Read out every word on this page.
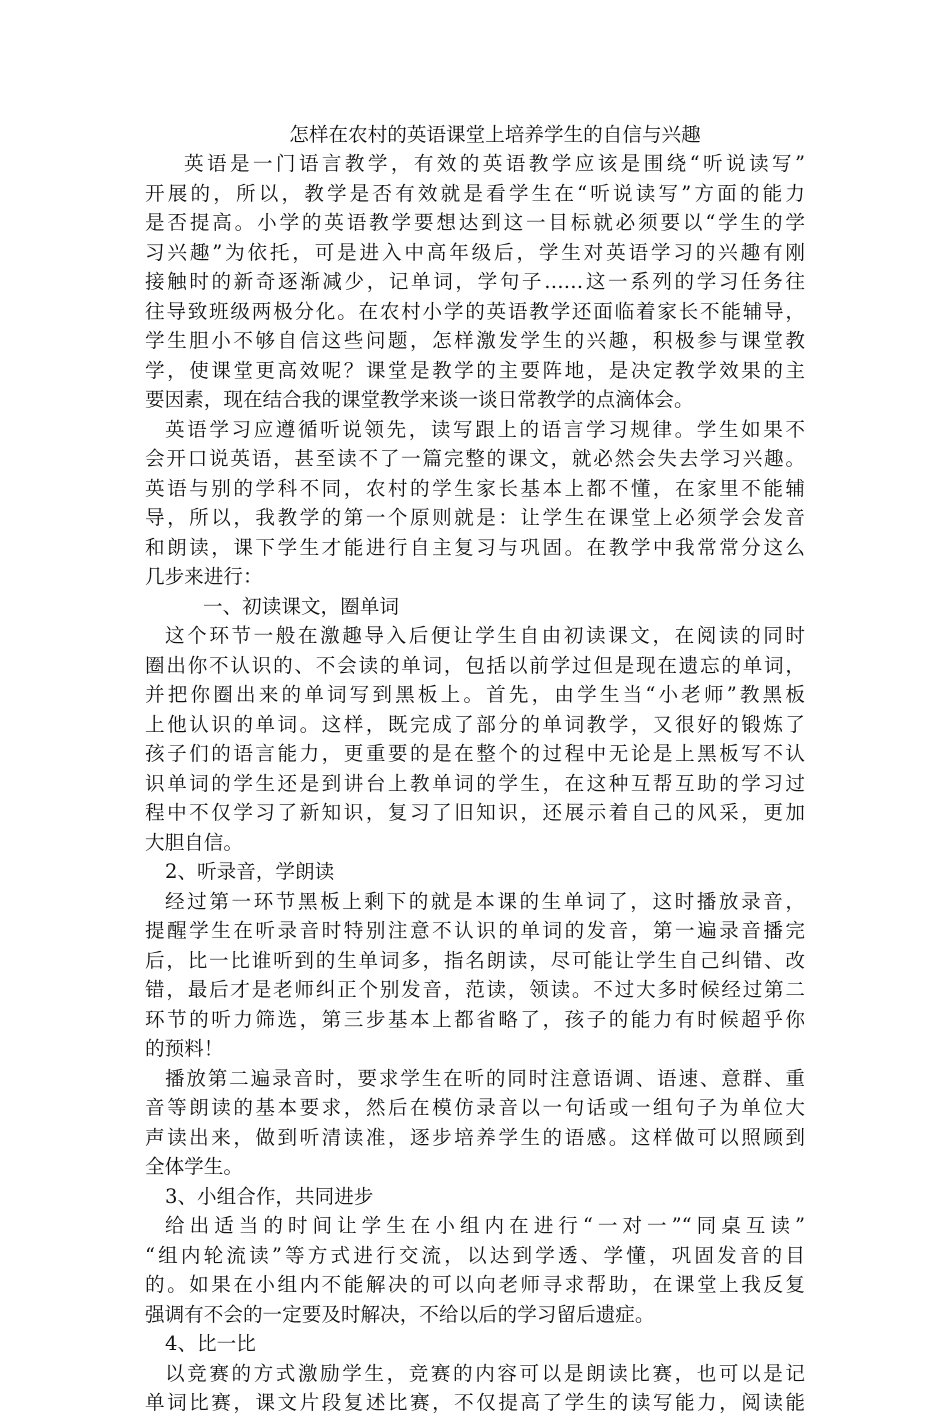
怎样在农村的英语课堂上培养学生的自信与兴趣
英语是一门语言教学，有效的英语教学应该是围绕“听说读写”
开展的，所以，教学是否有效就是看学生在“听说读写”方面的能力
是否提高。小学的英语教学要想达到这一目标就必须要以“学生的学
习兴趣”为依托，可是进入中高年级后，学生对英语学习的兴趣有刚
接触时的新奇逐渐减少，记单词，学句子……这一系列的学习任务往
往导致班级两极分化。在农村小学的英语教学还面临着家长不能辅导，
学生胆小不够自信这些问题，怎样激发学生的兴趣，积极参与课堂教
学，使课堂更高效呢？课堂是教学的主要阵地，是决定教学效果的主
要因素，现在结合我的课堂教学来谈一谈日常教学的点滴体会。
英语学习应遵循听说领先，读写跟上的语言学习规律。学生如果不
会开口说英语，甚至读不了一篇完整的课文，就必然会失去学习兴趣。
英语与别的学科不同，农村的学生家长基本上都不懂，在家里不能辅
导，所以，我教学的第一个原则就是：让学生在课堂上必须学会发音
和朗读，课下学生才能进行自主复习与巩固。在教学中我常常分这么
几步来进行：
一、初读课文，圈单词
这个环节一般在激趣导入后便让学生自由初读课文，在阅读的同时
圈出你不认识的、不会读的单词，包括以前学过但是现在遗忘的单词，
并把你圈出来的单词写到黑板上。首先，由学生当“小老师”教黑板
上他认识的单词。这样，既完成了部分的单词教学，又很好的锻炼了
孩子们的语言能力，更重要的是在整个的过程中无论是上黑板写不认
识单词的学生还是到讲台上教单词的学生，在这种互帮互助的学习过
程中不仅学习了新知识，复习了旧知识，还展示着自己的风采，更加
大胆自信。
2、听录音，学朗读
经过第一环节黑板上剩下的就是本课的生单词了，这时播放录音，
提醒学生在听录音时特别注意不认识的单词的发音，第一遍录音播完
后，比一比谁听到的生单词多，指名朗读，尽可能让学生自己纠错、改
错，最后才是老师纠正个别发音，范读，领读。不过大多时候经过第二
环节的听力筛选，第三步基本上都省略了，孩子的能力有时候超乎你
的预料！
播放第二遍录音时，要求学生在听的同时注意语调、语速、意群、重
音等朗读的基本要求，然后在模仿录音以一句话或一组句子为单位大
声读出来，做到听清读准，逐步培养学生的语感。这样做可以照顾到
全体学生。
3、小组合作，共同进步
给出适当的时间让学生在小组内在进行“一对一”“同桌互读”
“组内轮流读”等方式进行交流，以达到学透、学懂，巩固发音的目
的。如果在小组内不能解决的可以向老师寻求帮助，在课堂上我反复
强调有不会的一定要及时解决，不给以后的学习留后遗症。
4、比一比
以竞赛的方式激励学生，竞赛的内容可以是朗读比赛，也可以是记
单词比赛，课文片段复述比赛，不仅提高了学生的读写能力，阅读能
